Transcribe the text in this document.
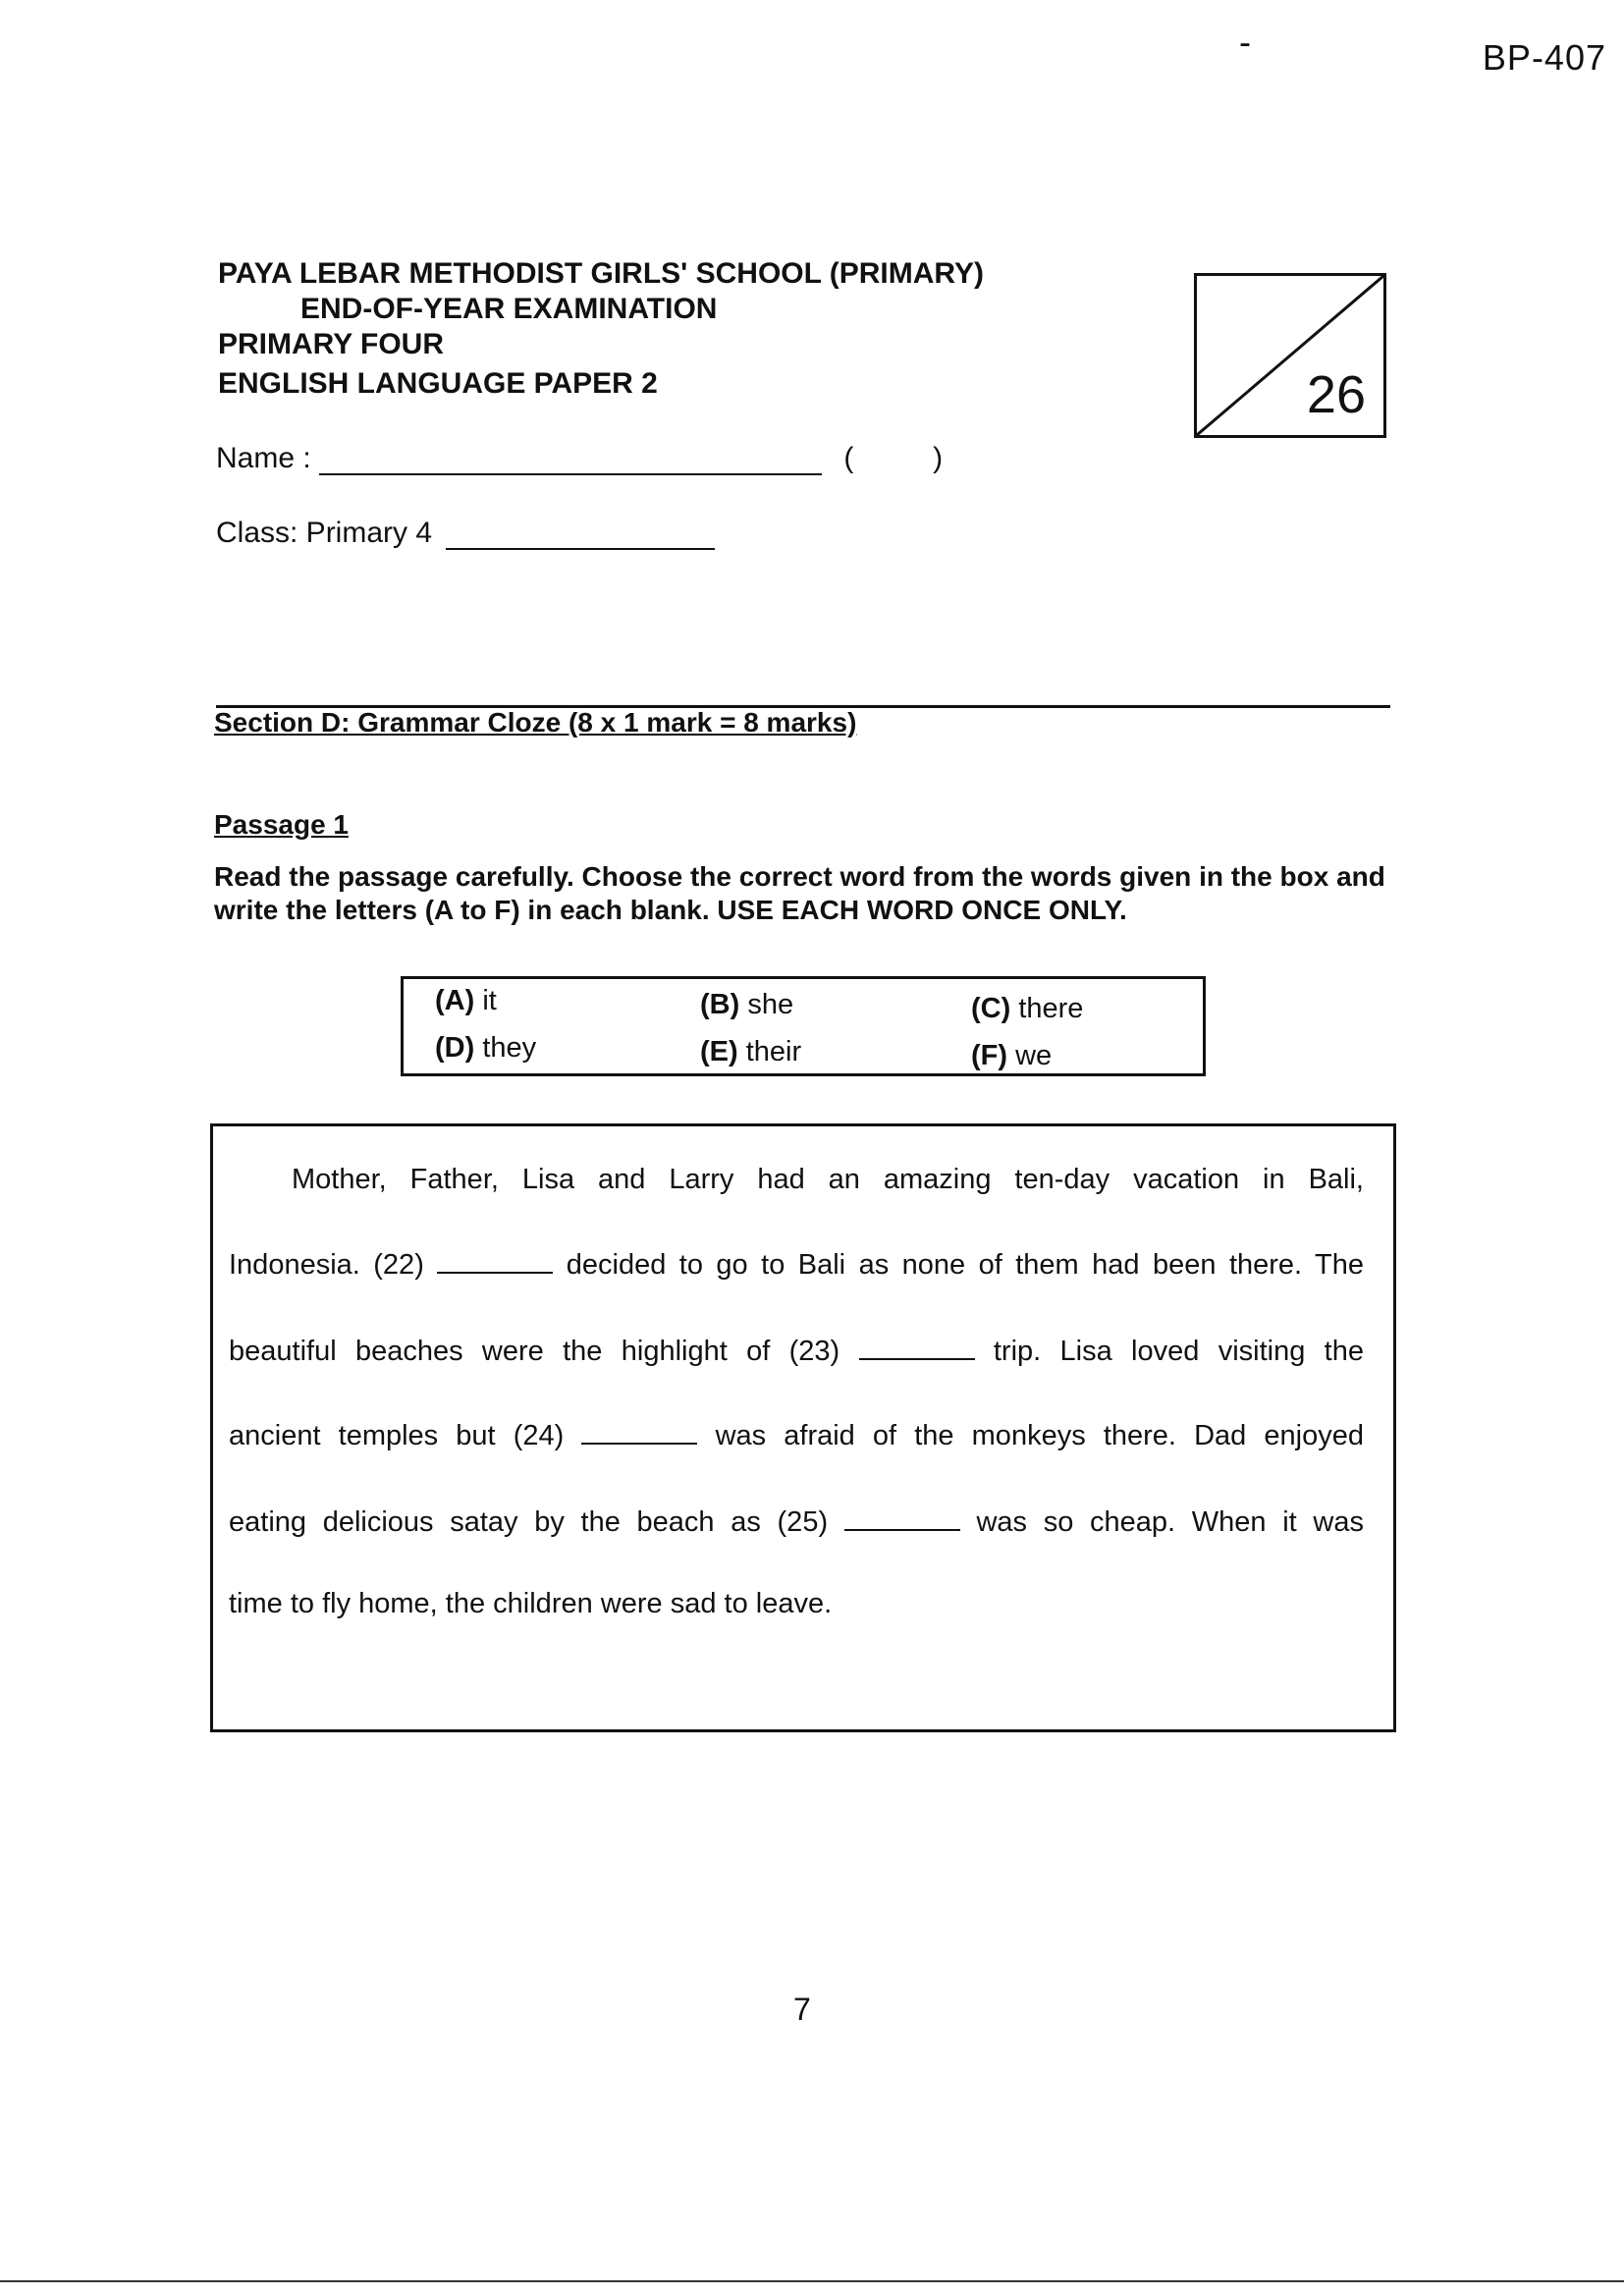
-	BP-407
PAYA LEBAR METHODIST GIRLS' SCHOOL (PRIMARY)
END-OF-YEAR EXAMINATION
PRIMARY FOUR
ENGLISH LANGUAGE PAPER 2	26
Name :	(	)
Class: Primary 4
Section D: Grammar Cloze (8 x 1 mark = 8 marks)
Passage 1
Read the passage carefully. Choose the correct word from the words given in the box and write the letters (A to F) in each blank. USE EACH WORD ONCE ONLY.
(A) it	(B) she	(C) there
(D) they	(E) their	(F) we
Mother, Father, Lisa and Larry had an amazing ten-day vacation in Bali,
Indonesia. (22)	decided to go to Bali as none of them had been there. The
beautiful beaches were the highlight of (23)	trip. Lisa loved visiting the
ancient temples but (24)	was afraid of the monkeys there. Dad enjoyed
eating delicious satay by the beach as (25)	was so cheap. When it was
time to fly home, the children were sad to leave.
7
